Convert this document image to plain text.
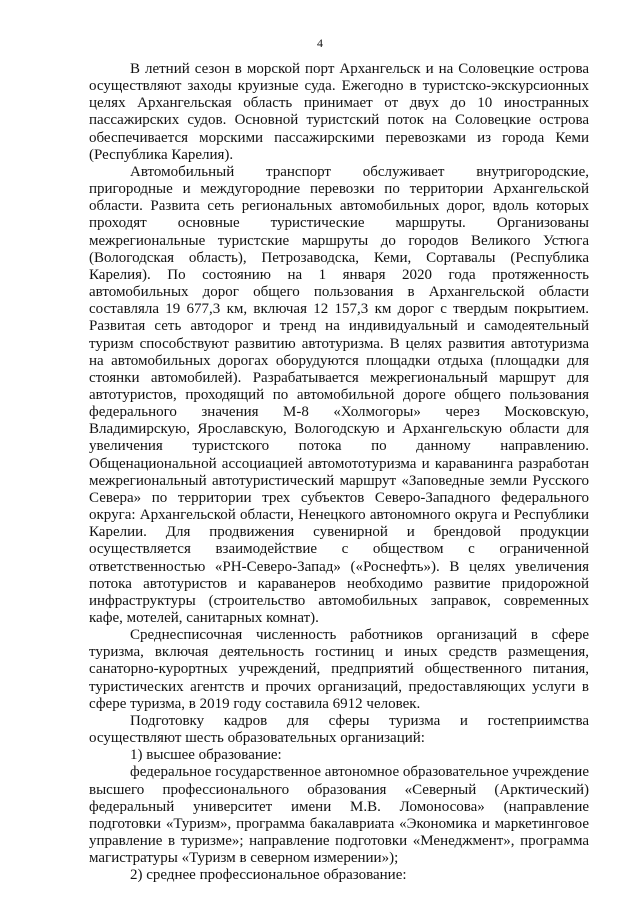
4

В летний сезон в морской порт Архангельск и на Соловецкие острова осуществляют заходы круизные суда. Ежегодно в туристско-экскурсионных целях Архангельская область принимает от двух до 10 иностранных пассажирских судов. Основной туристский поток на Соловецкие острова обеспечивается морскими пассажирскими перевозками из города Кеми (Республика Карелия).

Автомобильный транспорт обслуживает внутригородские, пригородные и междугородние перевозки по территории Архангельской области. Развита сеть региональных автомобильных дорог, вдоль которых проходят основные туристические маршруты. Организованы межрегиональные туристские маршруты до городов Великого Устюга (Вологодская область), Петрозаводска, Кеми, Сортавалы (Республика Карелия). По состоянию на 1 января 2020 года протяженность автомобильных дорог общего пользования в Архангельской области составляла 19 677,3 км, включая 12 157,3 км дорог с твердым покрытием. Развитая сеть автодорог и тренд на индивидуальный и самодеятельный туризм способствуют развитию автотуризма. В целях развития автотуризма на автомобильных дорогах оборудуются площадки отдыха (площадки для стоянки автомобилей). Разрабатывается межрегиональный маршрут для автотуристов, проходящий по автомобильной дороге общего пользования федерального значения М-8 «Холмогоры» через Московскую, Владимирскую, Ярославскую, Вологодскую и Архангельскую области для увеличения туристского потока по данному направлению. Общенациональной ассоциацией автомототуризма и караванинга разработан межрегиональный автотуристический маршрут «Заповедные земли Русского Севера» по территории трех субъектов Северо-Западного федерального округа: Архангельской области, Ненецкого автономного округа и Республики Карелии. Для продвижения сувенирной и брендовой продукции осуществляется взаимодействие с обществом с ограниченной ответственностью «РН-Северо-Запад» («Роснефть»). В целях увеличения потока автотуристов и караванеров необходимо развитие придорожной инфраструктуры (строительство автомобильных заправок, современных кафе, мотелей, санитарных комнат).

Среднесписочная численность работников организаций в сфере туризма, включая деятельность гостиниц и иных средств размещения, санаторно-курортных учреждений, предприятий общественного питания, туристических агентств и прочих организаций, предоставляющих услуги в сфере туризма, в 2019 году составила 6912 человек.

Подготовку кадров для сферы туризма и гостеприимства осуществляют шесть образовательных организаций:

1) высшее образование:

федеральное государственное автономное образовательное учреждение высшего профессионального образования «Северный (Арктический) федеральный университет имени М.В. Ломоносова» (направление подготовки «Туризм», программа бакалавриата «Экономика и маркетинговое управление в туризме»; направление подготовки «Менеджмент», программа магистратуры «Туризм в северном измерении»);

2) среднее профессиональное образование:
